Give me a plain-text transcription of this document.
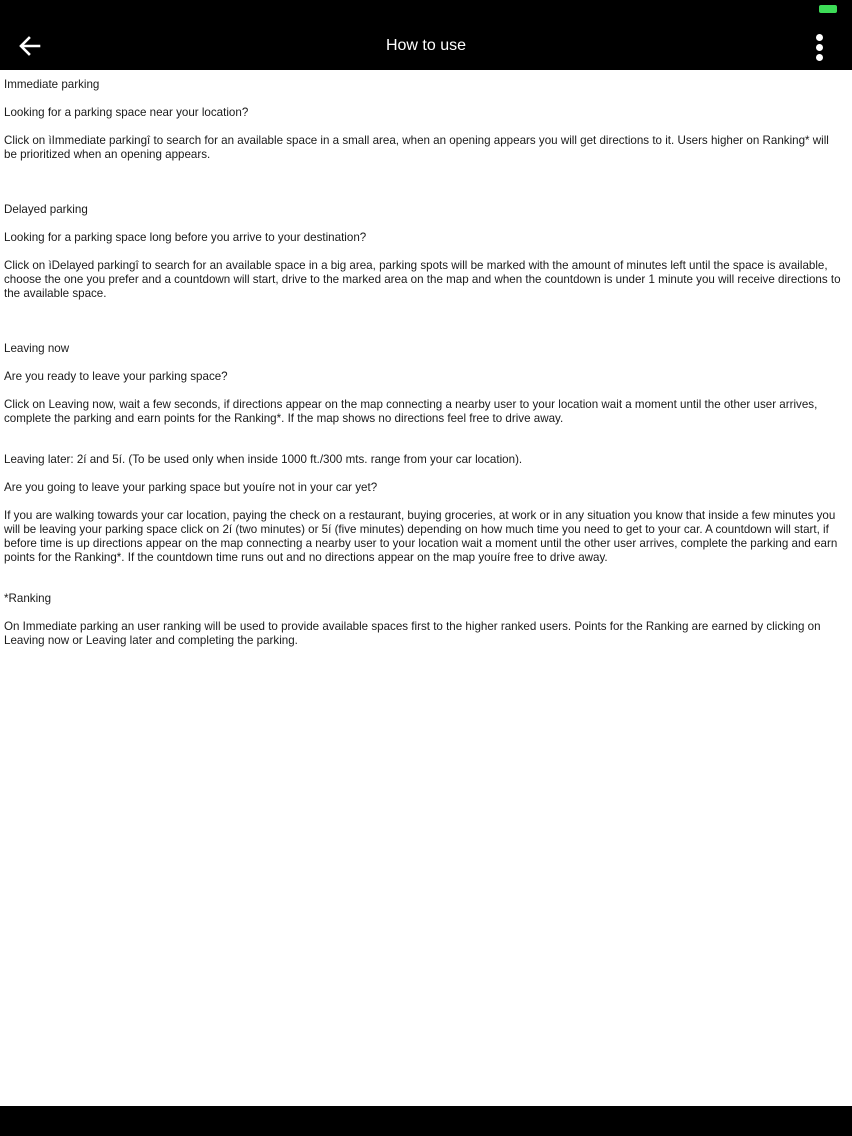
How to use

Immediate parking

Looking for a parking space near your location?

Click on ìImmediate parkingî to search for an available space in a small area, when an opening appears you will get directions to it. Users higher on Ranking* will be prioritized when an opening appears.

Delayed parking

Looking for a parking space long before you arrive to your destination?

Click on ìDelayed parkingî to search for an available space in a big area, parking spots will be marked with the amount of minutes left until the space is available, choose the one you prefer and a countdown will start, drive to the marked area on the map and when the countdown is under 1 minute you will receive directions to the available space.

Leaving now

Are you ready to leave your parking space?

Click on Leaving now, wait a few seconds, if directions appear on the map connecting a nearby user to your location wait a moment until the other user arrives, complete the parking and earn points for the Ranking*. If the map shows no directions feel free to drive away.

Leaving later: 2í and 5í. (To be used only when inside 1000 ft./300 mts. range from your car location).

Are you going to leave your parking space but youíre not in your car yet?

If you are walking towards your car location, paying the check on a restaurant, buying groceries, at work or in any situation you know that inside a few minutes you will be leaving your parking space click on 2í (two minutes) or 5í (five minutes) depending on how much time you need to get to your car. A countdown will start, if before time is up directions appear on the map connecting a nearby user to your location wait a moment until the other user arrives, complete the parking and earn points for the Ranking*. If the countdown time runs out and no directions appear on the map youíre free to drive away.

*Ranking

On Immediate parking an user ranking will be used to provide available spaces first to the higher ranked users. Points for the Ranking are earned by clicking on Leaving now or Leaving later and completing the parking.
